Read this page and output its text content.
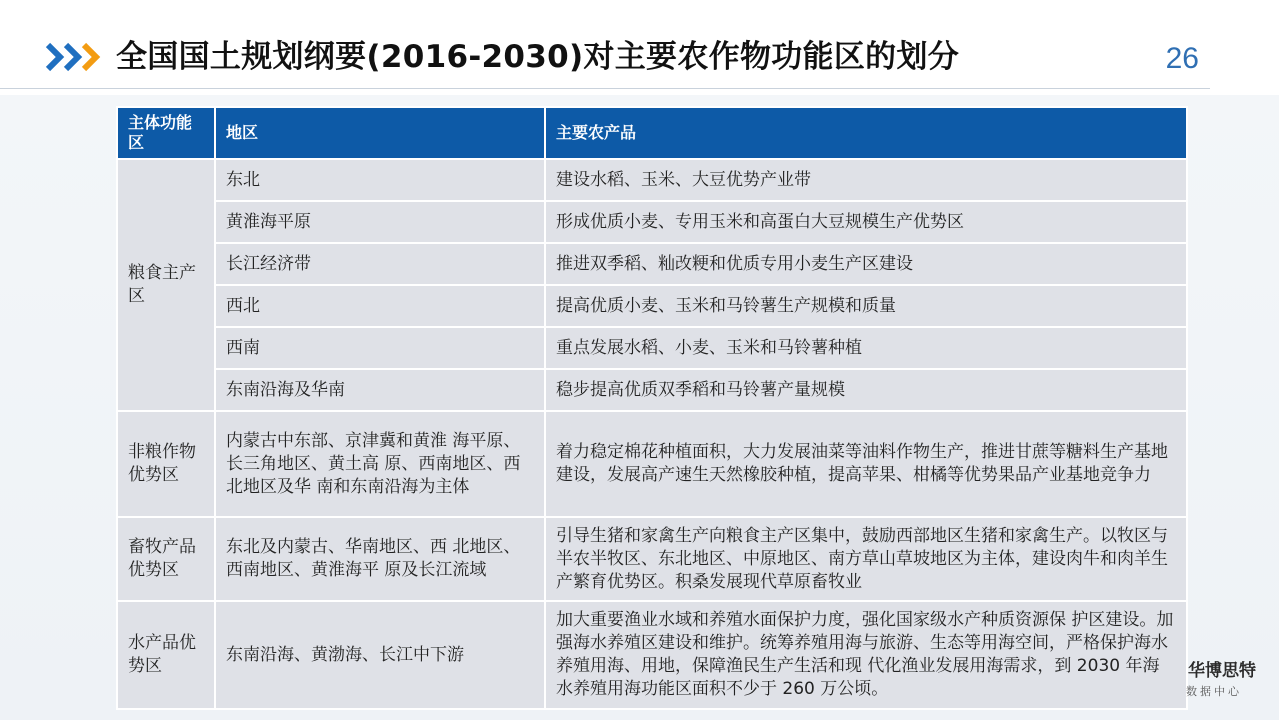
全国国土规划纲要(2016-2030)对主要农作物功能区的划分	26
主体功能区	地区	主要农产品
粮食主产区	东北	建设水稻、玉米、大豆优势产业带
	黄淮海平原	形成优质小麦、专用玉米和高蛋白大豆规模生产优势区
	长江经济带	推进双季稻、籼改粳和优质专用小麦生产区建设
	西北	提高优质小麦、玉米和马铃薯生产规模和质量
	西南	重点发展水稻、小麦、玉米和马铃薯种植
	东南沿海及华南	稳步提高优质双季稻和马铃薯产量规模
非粮作物优势区	内蒙古中东部、京津冀和黄淮 海平原、长三角地区、黄土高 原、西南地区、西北地区及华 南和东南沿海为主体	着力稳定棉花种植面积，大力发展油菜等油料作物生产，推进甘蔗等糖料生产基地建设，发展高产速生天然橡胶种植，提高苹果、柑橘等优势果品产业基地竞争力
畜牧产品优势区	东北及内蒙古、华南地区、西 北地区、西南地区、黄淮海平 原及长江流域	引导生猪和家禽生产向粮食主产区集中，鼓励西部地区生猪和家禽生产。以牧区与半农半牧区、东北地区、中原地区、南方草山草坡地区为主体，建设肉牛和肉羊生产繁育优势区。积桑发展现代草原畜牧业
水产品优势区	东南沿海、黄渤海、长江中下游	加大重要渔业水域和养殖水面保护力度，强化国家级水产种质资源保 护区建设。加强海水养殖区建设和维护。统筹养殖用海与旅游、生态等用海空间，严格保护海水养殖用海、用地，保障渔民生产生活和现 代化渔业发展用海需求，到 2030 年海水养殖用海功能区面积不少于 260 万公顷。
华博思特
数据中心
